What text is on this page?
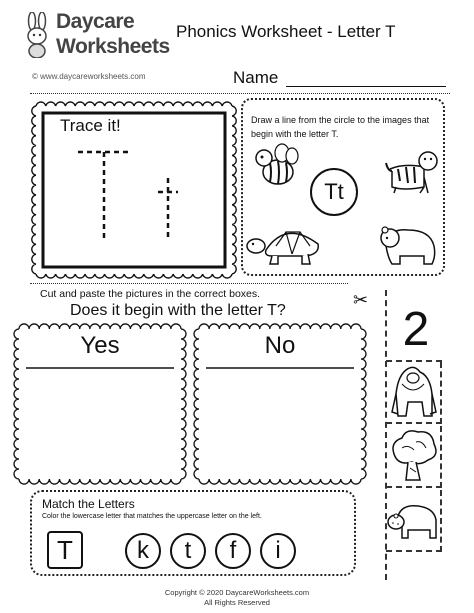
Daycare
Worksheets
© www.daycareworksheets.com
Phonics Worksheet - Letter T
Name
Trace it!	Draw a line from the circle to the images that begin with the letter T.
Tt
Cut and paste the pictures in the correct boxes.
Does it begin with the letter T?
Yes	No
✂
2
Match the Letters
Color the lowercase letter that matches the uppercase letter on the left.
T	k	t	f	i
Copyright © 2020 DaycareWorksheets.com
All Rights Reserved
